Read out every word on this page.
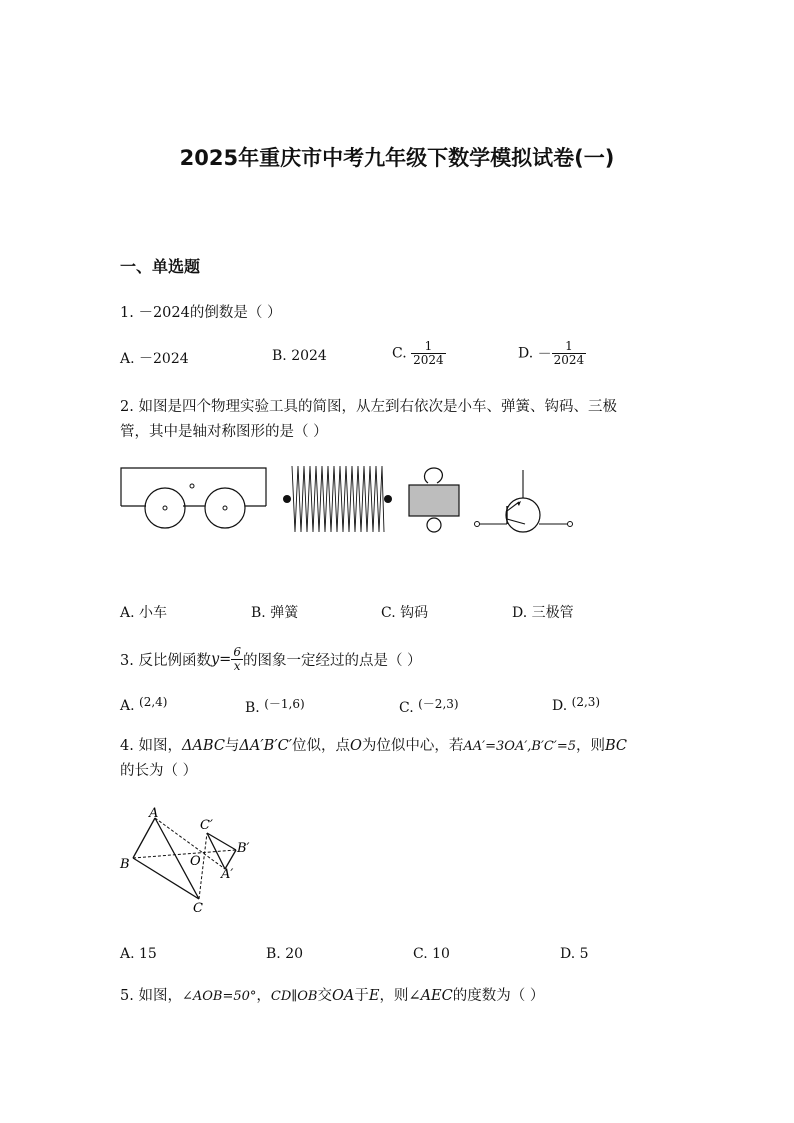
2025年重庆市中考九年级下数学模拟试卷(一)
一、单选题
1. －2024的倒数是（ ）
A. －2024	B. 2024	C. $\frac{1}{2024}$	D. － $\frac{1}{2024}$
2. 如图是四个物理实验工具的简图，从左到右依次是小车、弹簧、钩码、三极
管，其中是轴对称图形的是（ ）
A. 小车	B. 弹簧	C. 钩码	D. 三极管
3. 反比例函数$y= \frac{6}{x}$ 的图象一定经过的点是（ ）
A. (2,4)	B. (－1,6)	C. (－2,3)	D. (2,3)
4. 如图，ΔABC与ΔA′B′C′位似，点O为位似中心，若AA′=3OA′,B′C′=5，则BC
的长为（ ）
A
B
C
O
A′
B′
C′
A. 15	B. 20	C. 10	D. 5
5. 如图，∠AOB=50°，CD∥OB交OA于E，则∠AEC的度数为（ ）
